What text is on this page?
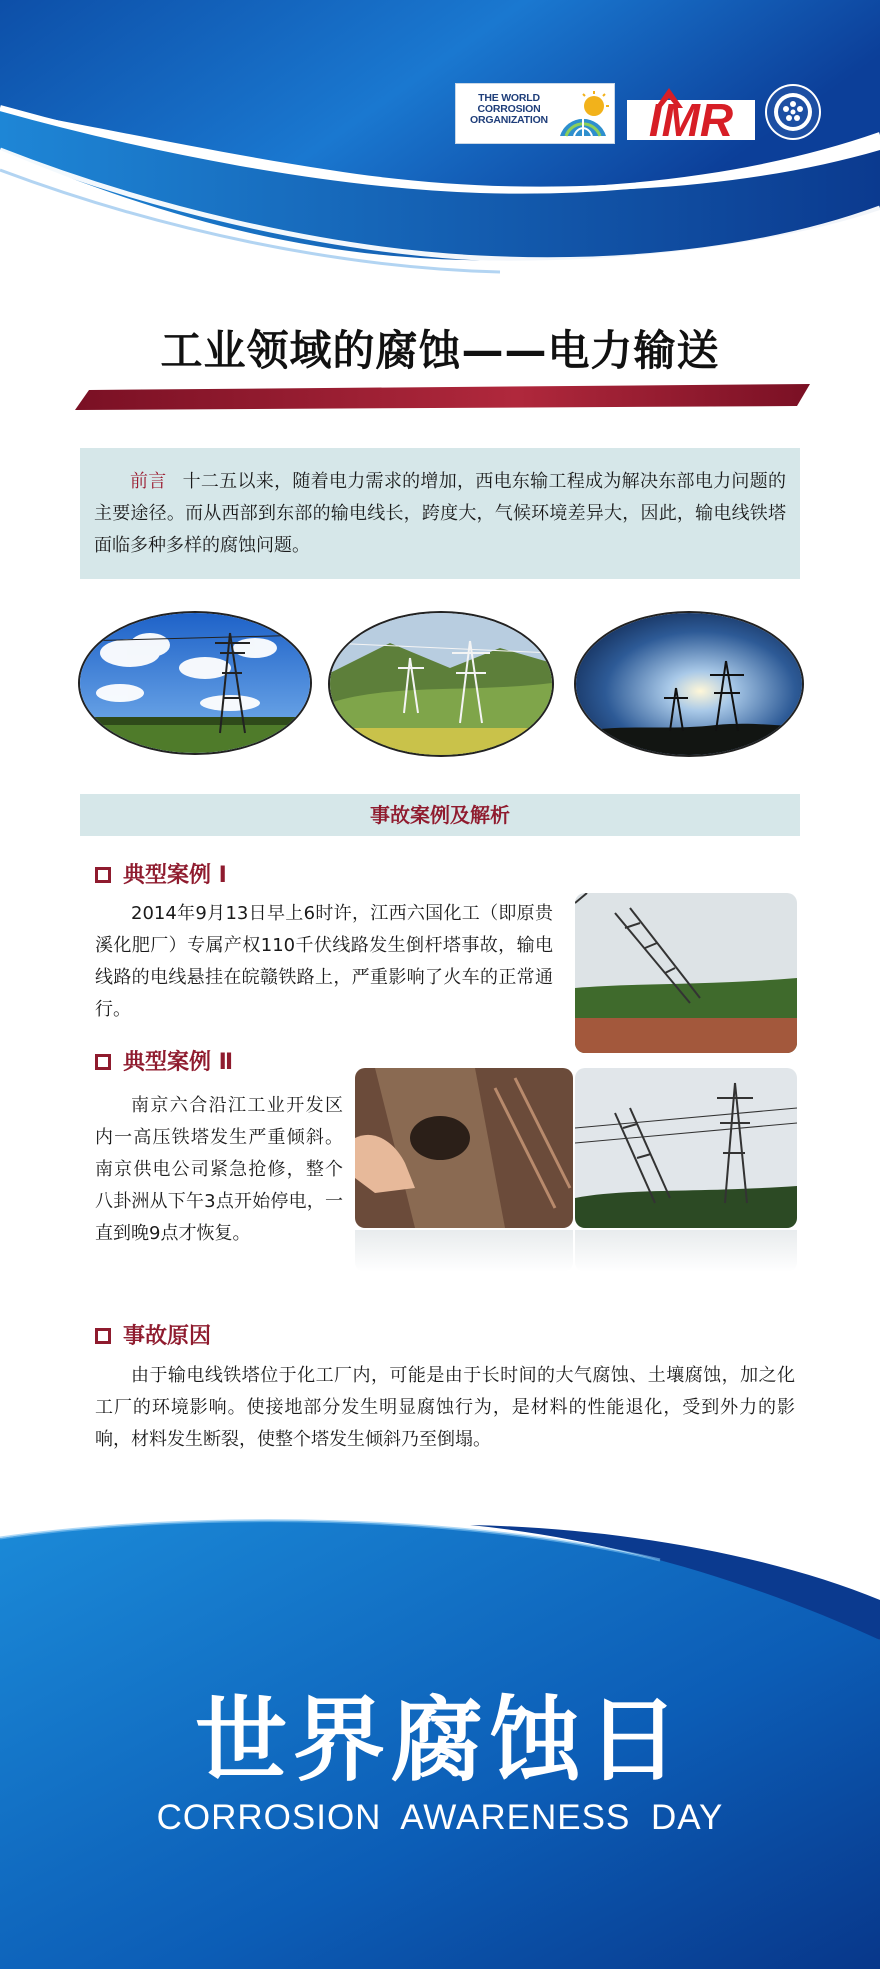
THE WORLD CORROSION ORGANIZATION IMR
工业领域的腐蚀——电力输送
前言 十二五以来，随着电力需求的增加，西电东输工程成为解决东部电力问题的主要途径。而从西部到东部的输电线长，跨度大，气候环境差异大，因此，输电线铁塔面临多种多样的腐蚀问题。
事故案例及解析
典型案例 Ⅰ
2014年9月13日早上6时许，江西六国化工（即原贵溪化肥厂）专属产权110千伏线路发生倒杆塔事故，输电线路的电线悬挂在皖赣铁路上，严重影响了火车的正常通行。
典型案例 Ⅱ
南京六合沿江工业开发区内一高压铁塔发生严重倾斜。南京供电公司紧急抢修，整个八卦洲从下午3点开始停电，一直到晚9点才恢复。
事故原因
由于输电线铁塔位于化工厂内，可能是由于长时间的大气腐蚀、土壤腐蚀，加之化工厂的环境影响。使接地部分发生明显腐蚀行为，是材料的性能退化，受到外力的影响，材料发生断裂，使整个塔发生倾斜乃至倒塌。
世界腐蚀日
CORROSION AWARENESS DAY
